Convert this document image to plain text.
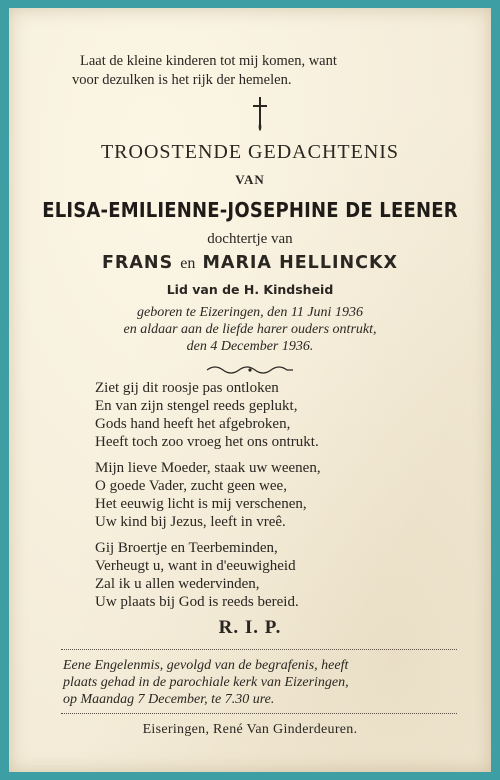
Laat de kleine kinderen tot mij komen, want
voor dezulken is het rijk der hemelen.
TROOSTENDE GEDACHTENIS
VAN
ELISA-EMILIENNE-JOSEPHINE DE LEENER
dochtertje van
FRANS en MARIA HELLINCKX
Lid van de H. Kindsheid
geboren te Eizeringen, den 11 Juni 1936
en aldaar aan de liefde harer ouders ontrukt,
den 4 December 1936.
Ziet gij dit roosje pas ontloken
En van zijn stengel reeds geplukt,
Gods hand heeft het afgebroken,
Heeft toch zoo vroeg het ons ontrukt.
Mijn lieve Moeder, staak uw weenen,
O goede Vader, zucht geen wee,
Het eeuwig licht is mij verschenen,
Uw kind bij Jezus, leeft in vreê.
Gij Broertje en Teerbeminden,
Verheugt u, want in d'eeuwigheid
Zal ik u allen wedervinden,
Uw plaats bij God is reeds bereid.
R. I. P.
Eene Engelenmis, gevolgd van de begrafenis, heeft
plaats gehad in de parochiale kerk van Eizeringen,
op Maandag 7 December, te 7.30 ure.
Eiseringen, René Van Ginderdeuren.
